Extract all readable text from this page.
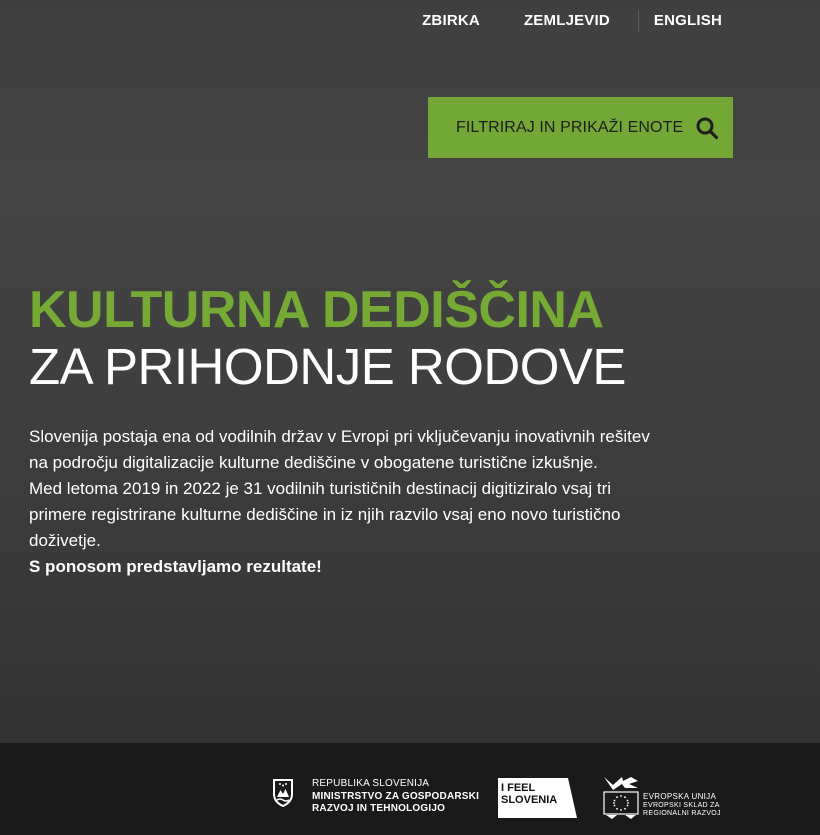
ZBIRKA	ZEMLJEVID	ENGLISH
FILTRIRAJ IN PRIKAŽI ENOTE
KULTURNA DEDIŠČINA
ZA PRIHODNJE RODOVE

Slovenija postaja ena od vodilnih držav v Evropi pri vključevanju inovativnih rešitev na področju digitalizacije kulturne dediščine v obogatene turistične izkušnje.

Med letoma 2019 in 2022 je 31 vodilnih turističnih destinacij digitiziralo vsaj tri primere registrirane kulturne dediščine in iz njih razvilo vsaj eno novo turistično doživetje.

S ponosom predstavljamo rezultate!

REPUBLIKA SLOVENIJA
MINISTRSTVO ZA GOSPODARSKI
RAZVOJ IN TEHNOLOGIJO
I FEEL
SLOVENIA	EVROPSKA UNIJA
EVROPSKI SKLAD ZA
REGIONALNI RAZVOJ
